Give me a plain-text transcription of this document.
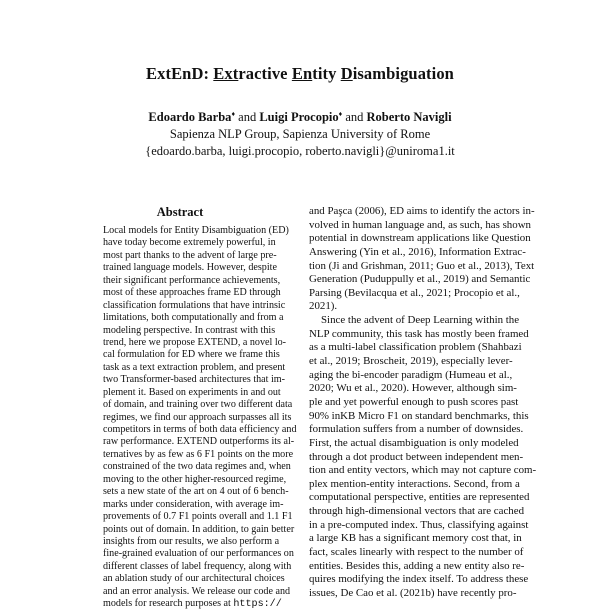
ExtEnD: Extractive Entity Disambiguation
Edoardo Barba♦ and Luigi Procopio♦ and Roberto Navigli
Sapienza NLP Group, Sapienza University of Rome
{edoardo.barba, luigi.procopio, roberto.navigli}@uniroma1.it
Abstract
Local models for Entity Disambiguation (ED)
have today become extremely powerful, in
most part thanks to the advent of large pre-
trained language models. However, despite
their significant performance achievements,
most of these approaches frame ED through
classification formulations that have intrinsic
limitations, both computationally and from a
modeling perspective. In contrast with this
trend, here we propose EXTEND, a novel lo-
cal formulation for ED where we frame this
task as a text extraction problem, and present
two Transformer-based architectures that im-
plement it. Based on experiments in and out
of domain, and training over two different data
regimes, we find our approach surpasses all its
competitors in terms of both data efficiency and
raw performance. EXTEND outperforms its al-
ternatives by as few as 6 F1 points on the more
constrained of the two data regimes and, when
moving to the other higher-resourced regime,
sets a new state of the art on 4 out of 6 bench-
marks under consideration, with average im-
provements of 0.7 F1 points overall and 1.1 F1
points out of domain. In addition, to gain better
insights from our results, we also perform a
fine-grained evaluation of our performances on
different classes of label frequency, along with
an ablation study of our architectural choices
and an error analysis. We release our code and
models for research purposes at https://
and Paşca (2006), ED aims to identify the actors in-
volved in human language and, as such, has shown
potential in downstream applications like Question
Answering (Yin et al., 2016), Information Extrac-
tion (Ji and Grishman, 2011; Guo et al., 2013), Text
Generation (Puduppully et al., 2019) and Semantic
Parsing (Bevilacqua et al., 2021; Procopio et al.,
2021).
Since the advent of Deep Learning within the
NLP community, this task has mostly been framed
as a multi-label classification problem (Shahbazi
et al., 2019; Broscheit, 2019), especially lever-
aging the bi-encoder paradigm (Humeau et al.,
2020; Wu et al., 2020). However, although sim-
ple and yet powerful enough to push scores past
90% inKB Micro F1 on standard benchmarks, this
formulation suffers from a number of downsides.
First, the actual disambiguation is only modeled
through a dot product between independent men-
tion and entity vectors, which may not capture com-
plex mention-entity interactions. Second, from a
computational perspective, entities are represented
through high-dimensional vectors that are cached
in a pre-computed index. Thus, classifying against
a large KB has a significant memory cost that, in
fact, scales linearly with respect to the number of
entities. Besides this, adding a new entity also re-
quires modifying the index itself. To address these
issues, De Cao et al. (2021b) have recently pro-
